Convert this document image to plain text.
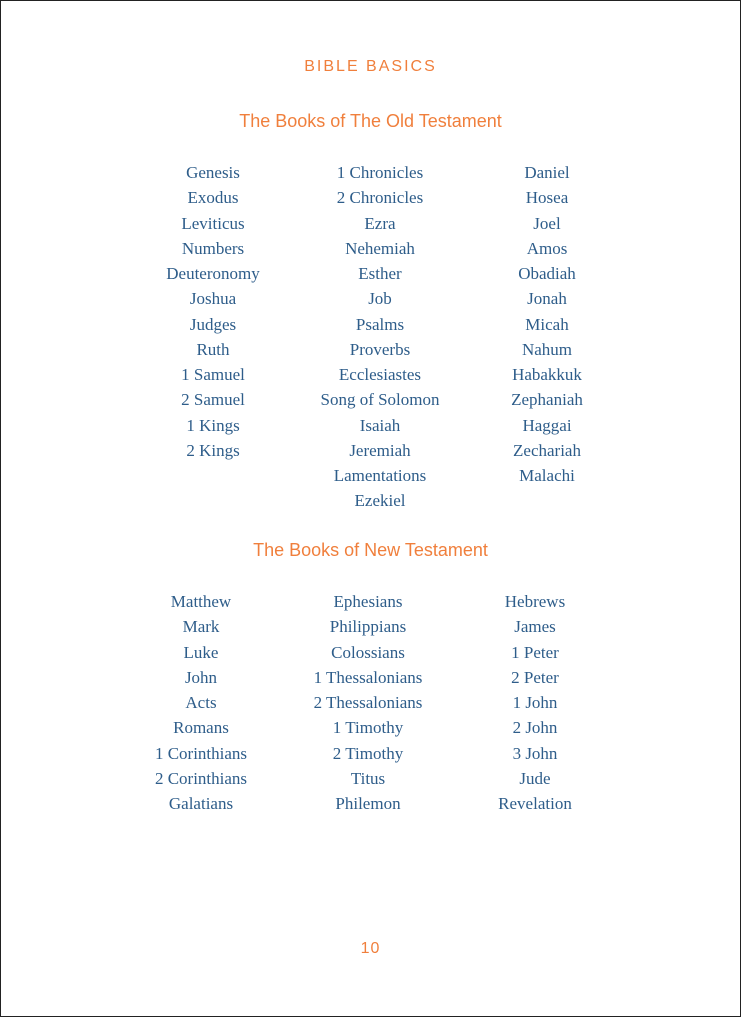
BIBLE BASICS
The Books of The Old Testament
Genesis
Exodus
Leviticus
Numbers
Deuteronomy
Joshua
Judges
Ruth
1 Samuel
2 Samuel
1 Kings
2 Kings
1 Chronicles
2 Chronicles
Ezra
Nehemiah
Esther
Job
Psalms
Proverbs
Ecclesiastes
Song of Solomon
Isaiah
Jeremiah
Lamentations
Ezekiel
Daniel
Hosea
Joel
Amos
Obadiah
Jonah
Micah
Nahum
Habakkuk
Zephaniah
Haggai
Zechariah
Malachi
The Books of New Testament
Matthew
Mark
Luke
John
Acts
Romans
1 Corinthians
2 Corinthians
Galatians
Ephesians
Philippians
Colossians
1 Thessalonians
2 Thessalonians
1 Timothy
2 Timothy
Titus
Philemon
Hebrews
James
1 Peter
2 Peter
1 John
2 John
3 John
Jude
Revelation
10
